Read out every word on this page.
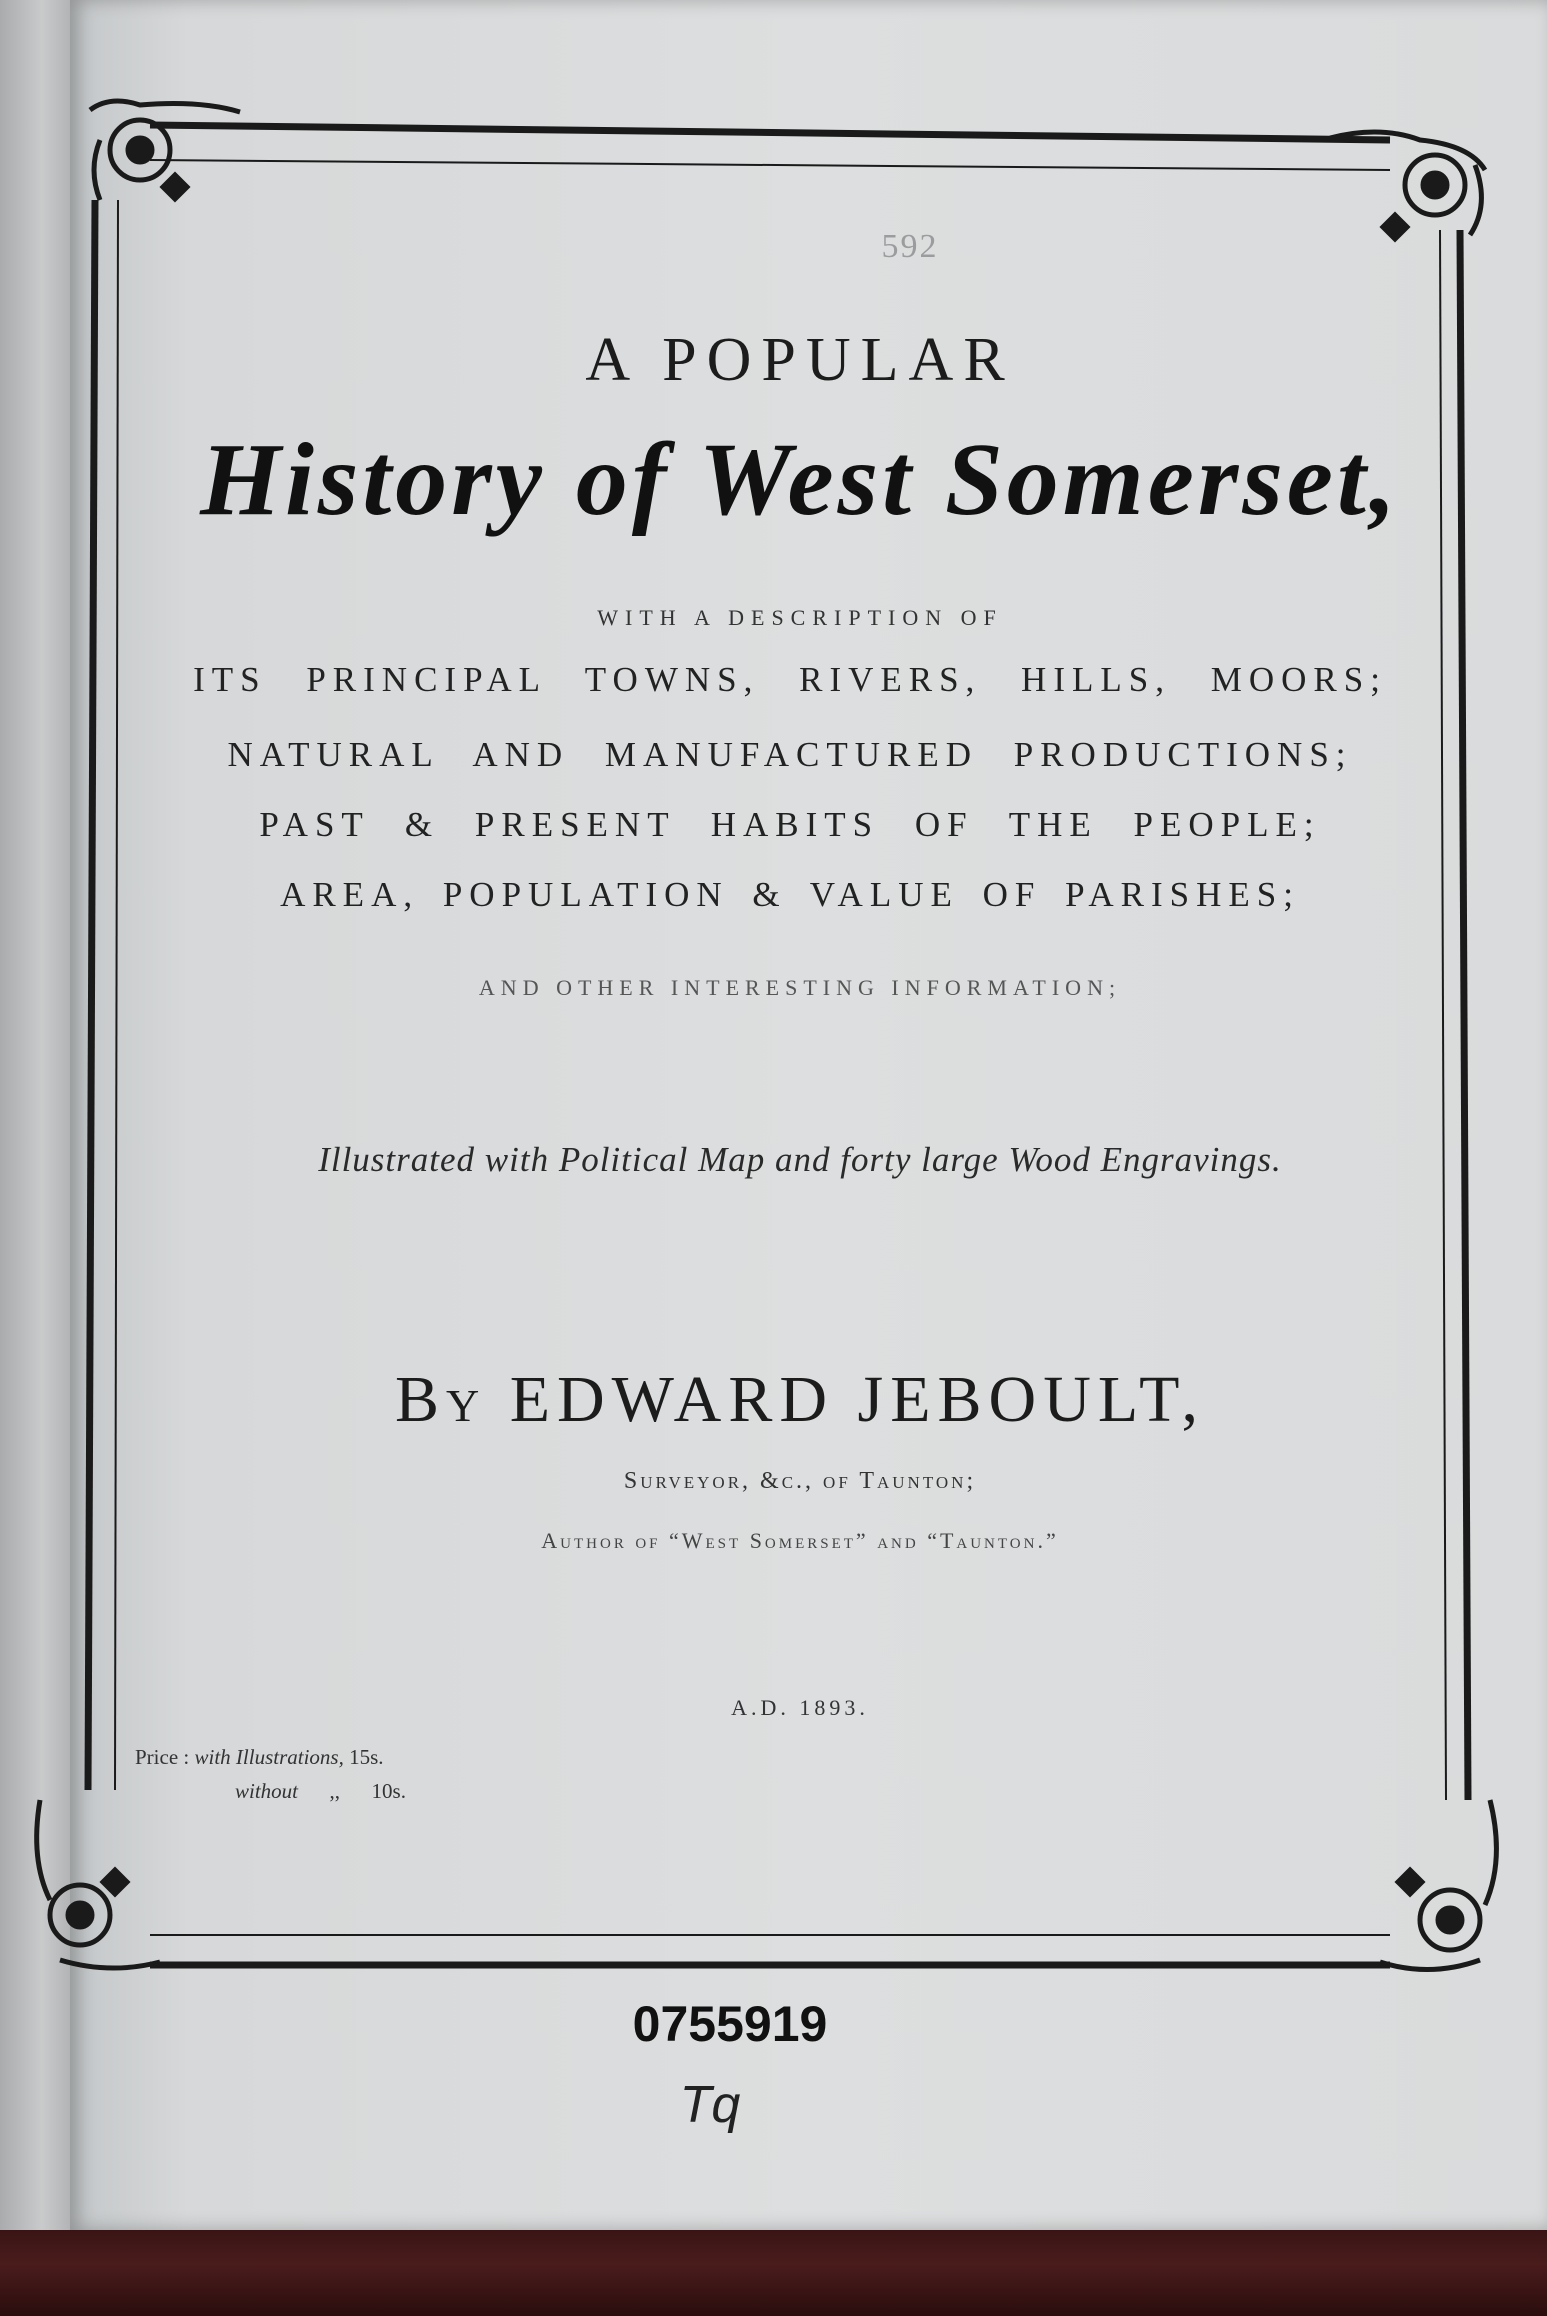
592
A POPULAR
History of West Somerset,
WITH A DESCRIPTION OF
ITS PRINCIPAL TOWNS, RIVERS, HILLS, MOORS;
NATURAL AND MANUFACTURED PRODUCTIONS;
PAST & PRESENT HABITS OF THE PEOPLE;
AREA, POPULATION & VALUE OF PARISHES;
AND OTHER INTERESTING INFORMATION;
Illustrated with Political Map and forty large Wood Engravings.
By EDWARD JEBOULT,
Surveyor, &c., of Taunton;
Author of “West Somerset” and “Taunton.”
A.D. 1893.
Price : with Illustrations, 15s.
without ,, 10s.
0755919
Tq
